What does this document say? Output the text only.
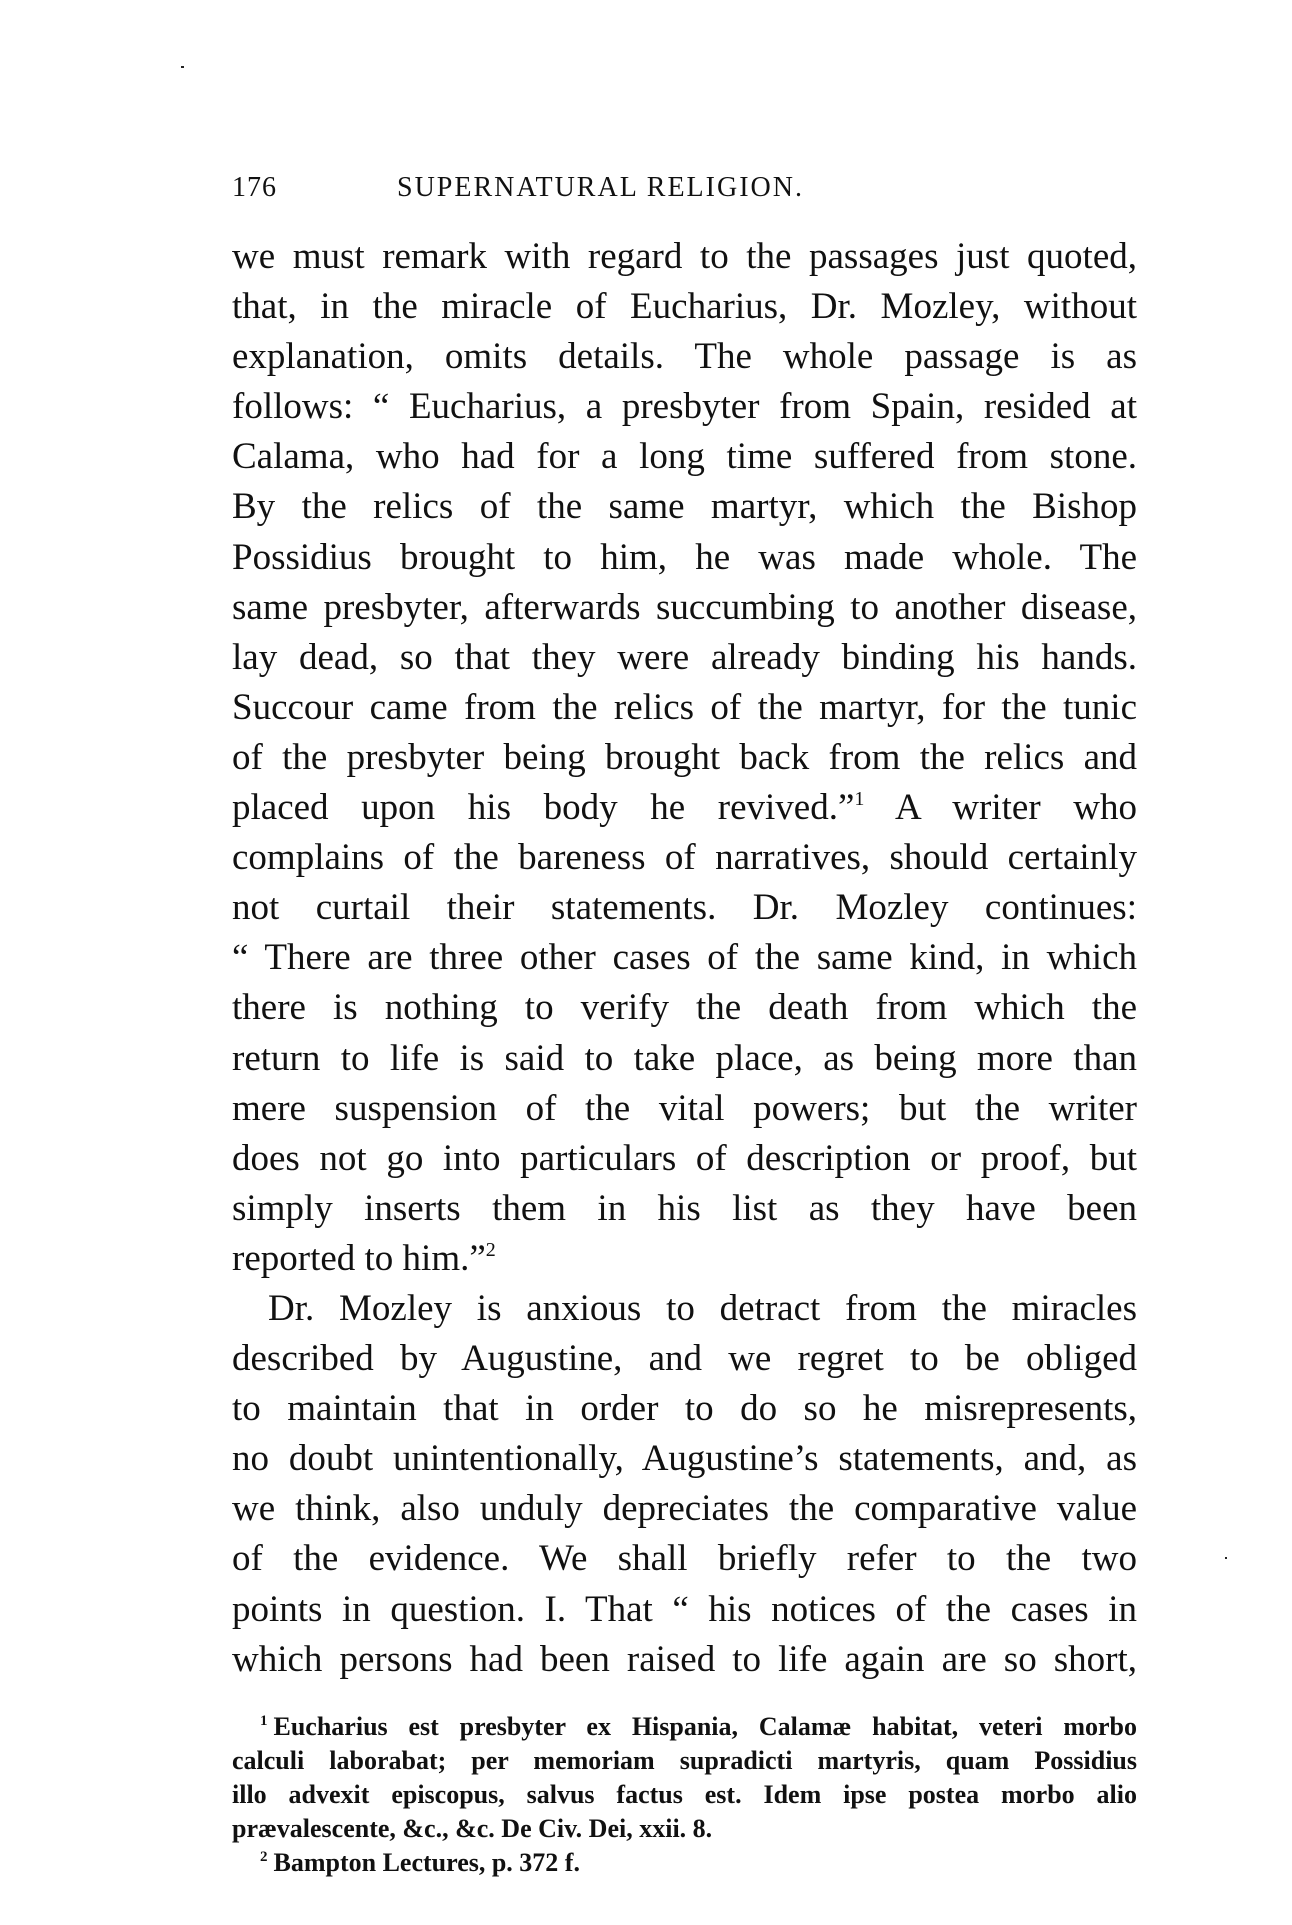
176	SUPERNATURAL RELIGION.
we must remark with regard to the passages just quoted,
that, in the miracle of Eucharius, Dr. Mozley, without
explanation, omits details. The whole passage is as
follows: “ Eucharius, a presbyter from Spain, resided at
Calama, who had for a long time suffered from stone.
By the relics of the same martyr, which the Bishop
Possidius brought to him, he was made whole. The
same presbyter, afterwards succumbing to another disease,
lay dead, so that they were already binding his hands.
Succour came from the relics of the martyr, for the tunic
of the presbyter being brought back from the relics and
placed upon his body he revived.”$^1$ A writer who
complains of the bareness of narratives, should certainly
not curtail their statements. Dr. Mozley continues:
“ There are three other cases of the same kind, in which
there is nothing to verify the death from which the
return to life is said to take place, as being more than
mere suspension of the vital powers; but the writer
does not go into particulars of description or proof, but
simply inserts them in his list as they have been
reported to him.”$^2$
Dr. Mozley is anxious to detract from the miracles
described by Augustine, and we regret to be obliged
to maintain that in order to do so he misrepresents,
no doubt unintentionally, Augustine’s statements, and, as
we think, also unduly depreciates the comparative value
of the evidence. We shall briefly refer to the two
points in question. I. That “ his notices of the cases in
which persons had been raised to life again are so short,
$^1$ Eucharius est presbyter ex Hispania, Calamæ habitat, veteri morbo
calculi laborabat; per memoriam supradicti martyris, quam Possidius
illo advexit episcopus, salvus factus est. Idem ipse postea morbo alio
prævalescente, &c., &c. De Civ. Dei, xxii. 8.
$^2$ Bampton Lectures, p. 372 f.
